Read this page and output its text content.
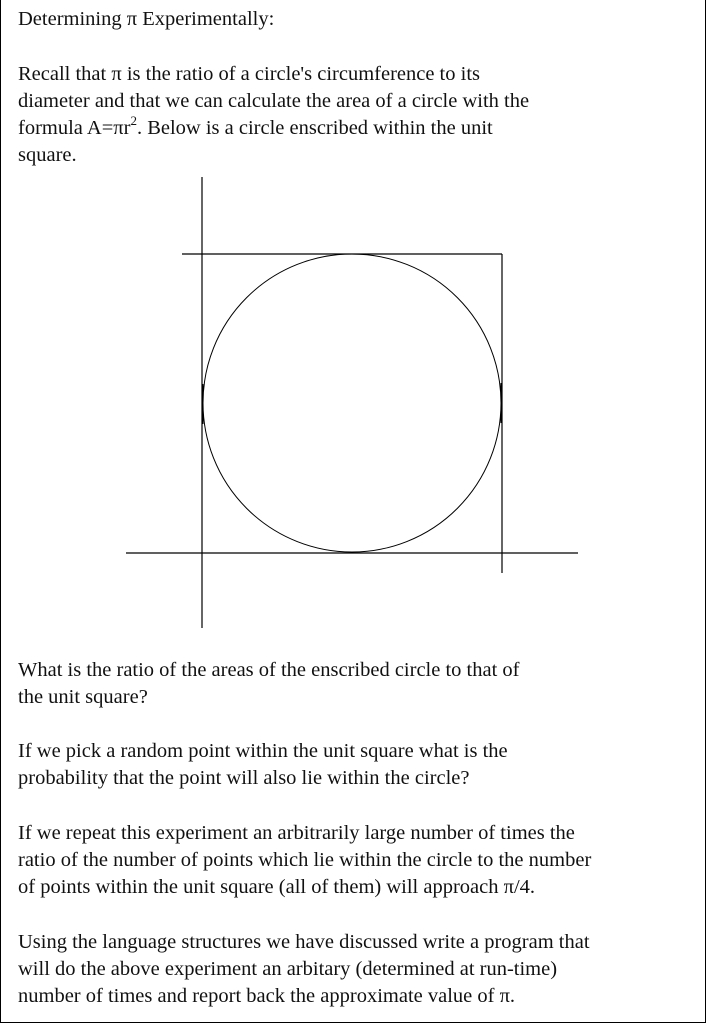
Determining π Experimentally:
Recall that π is the ratio of a circle's circumference to its
diameter and that we can calculate the area of a circle with the
formula $A=\pi r^2$. Below is a circle enscribed within the unit
square.
What is the ratio of the areas of the enscribed circle to that of
the unit square?
If we pick a random point within the unit square what is the
probability that the point will also lie within the circle?
If we repeat this experiment an arbitrarily large number of times the
ratio of the number of points which lie within the circle to the number
of points within the unit square (all of them) will approach π/4.
Using the language structures we have discussed write a program that
will do the above experiment an arbitary (determined at run-time)
number of times and report back the approximate value of π.
